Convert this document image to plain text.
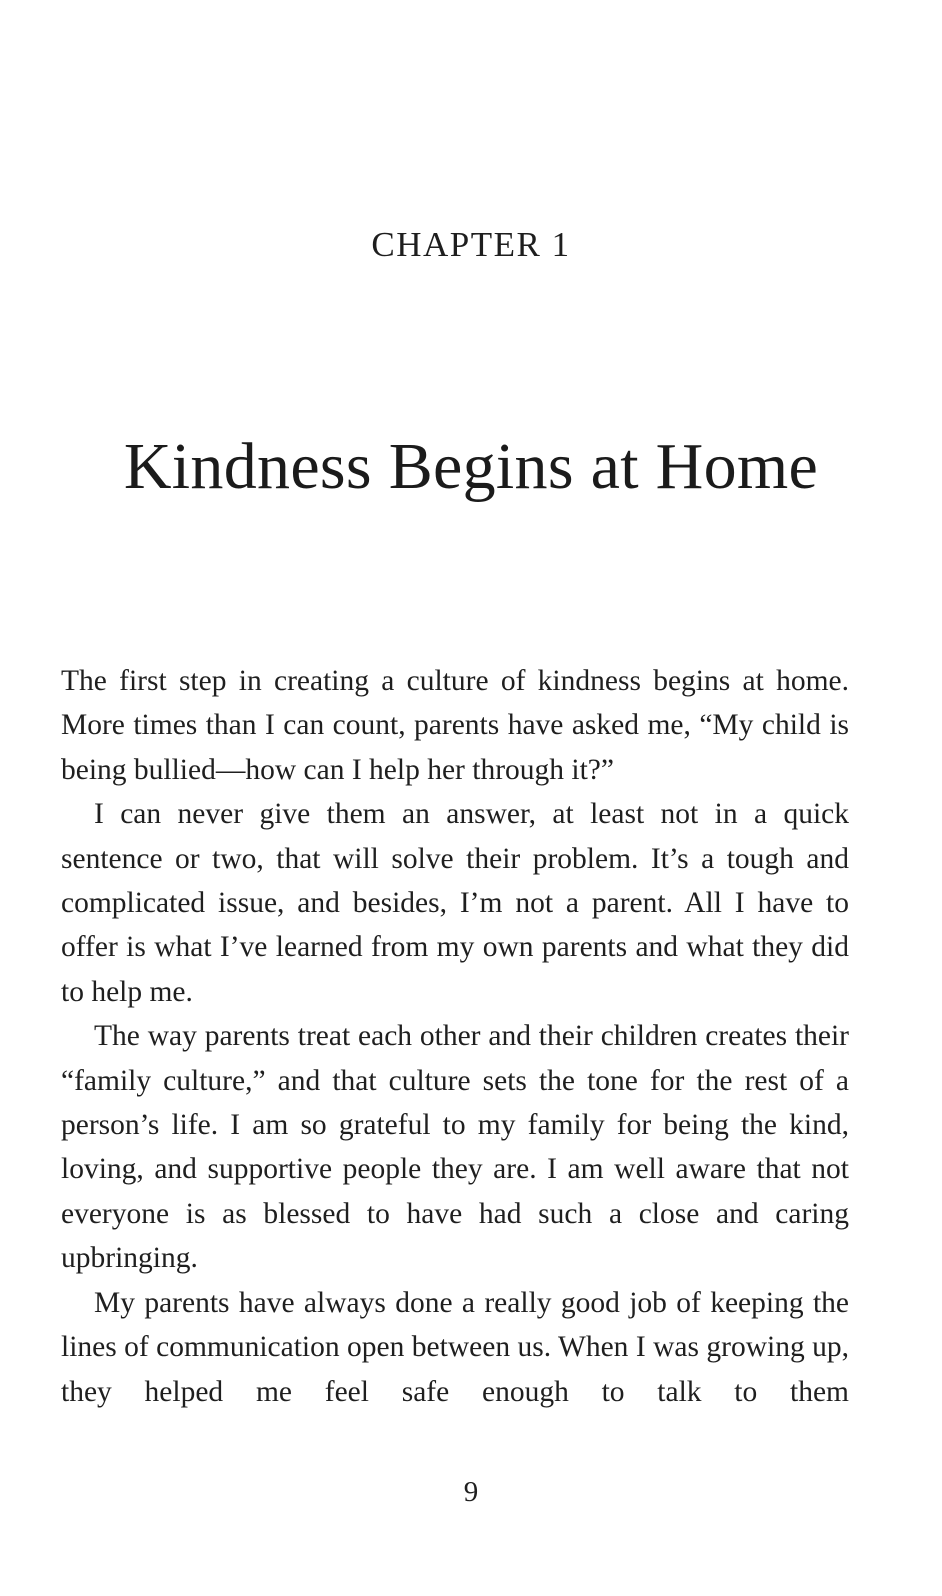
CHAPTER 1
Kindness Begins at Home

The first step in creating a culture of kindness begins at home. More times than I can count, parents have asked me, “My child is being bullied—how can I help her through it?”

I can never give them an answer, at least not in a quick sentence or two, that will solve their problem. It’s a tough and complicated issue, and besides, I’m not a parent. All I have to offer is what I’ve learned from my own parents and what they did to help me.

The way parents treat each other and their children creates their “family culture,” and that culture sets the tone for the rest of a person’s life. I am so grateful to my family for being the kind, loving, and supportive people they are. I am well aware that not everyone is as blessed to have had such a close and caring upbringing.

My parents have always done a really good job of keeping the lines of communication open between us. When I was growing up, they helped me feel safe enough to talk to them

9
